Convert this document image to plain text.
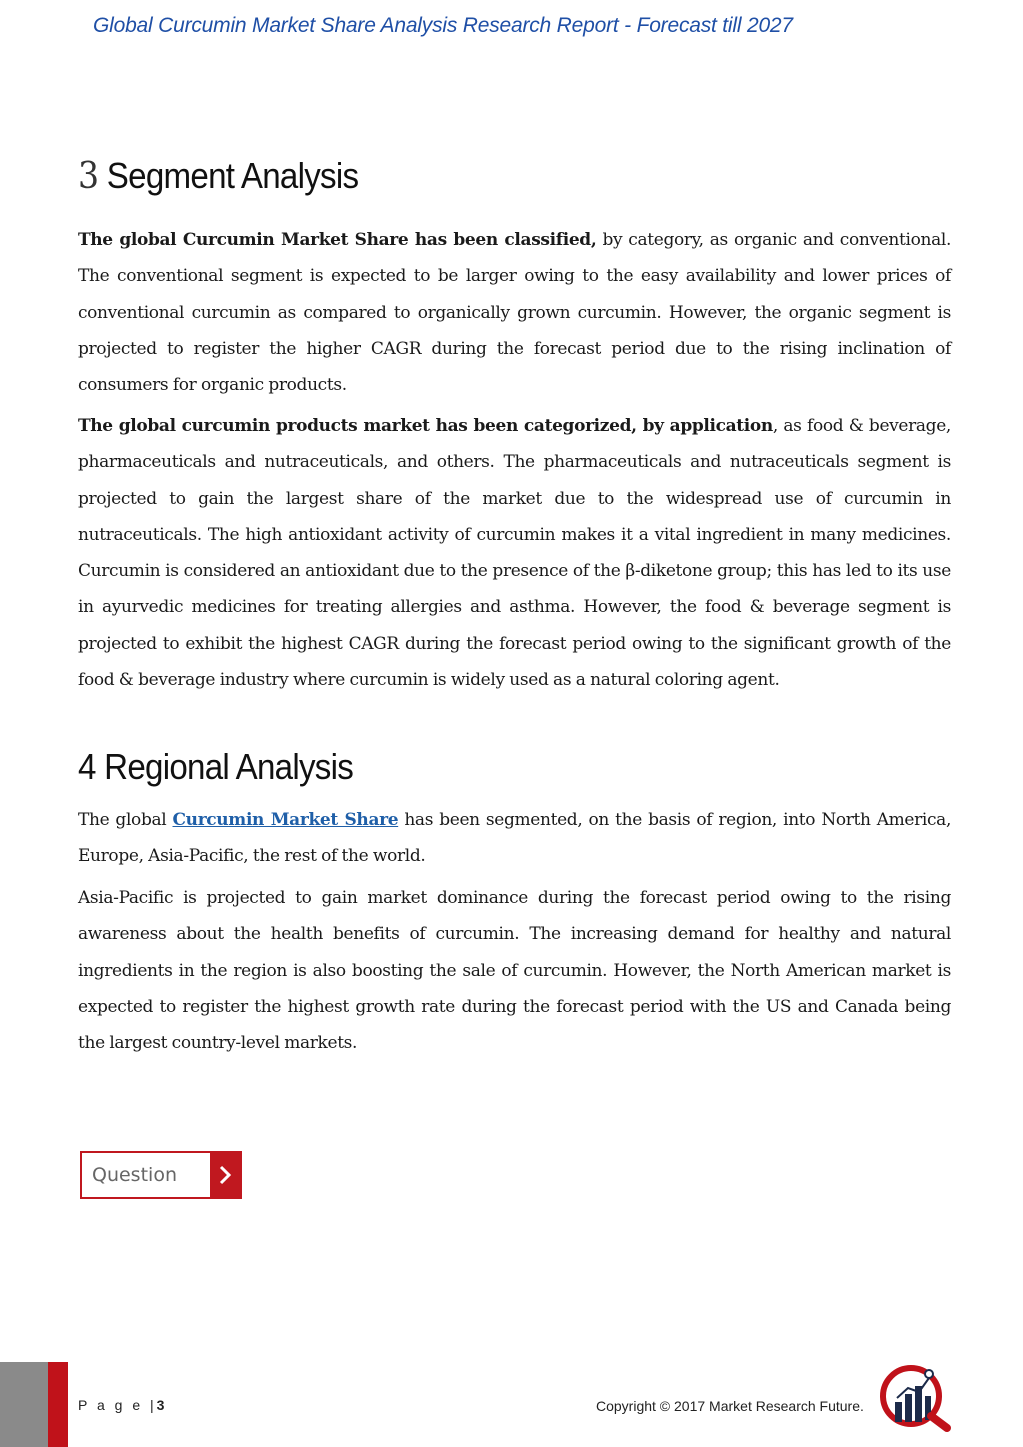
Global Curcumin Market Share Analysis Research Report - Forecast till 2027
3 Segment Analysis

The global Curcumin Market Share has been classified, by category, as organic and conventional. The conventional segment is expected to be larger owing to the easy availability and lower prices of conventional curcumin as compared to organically grown curcumin. However, the organic segment is projected to register the higher CAGR during the forecast period due to the rising inclination of consumers for organic products.

The global curcumin products market has been categorized, by application, as food & beverage, pharmaceuticals and nutraceuticals, and others. The pharmaceuticals and nutraceuticals segment is projected to gain the largest share of the market due to the widespread use of curcumin in nutraceuticals. The high antioxidant activity of curcumin makes it a vital ingredient in many medicines. Curcumin is considered an antioxidant due to the presence of the β-diketone group; this has led to its use in ayurvedic medicines for treating allergies and asthma. However, the food & beverage segment is projected to exhibit the highest CAGR during the forecast period owing to the significant growth of the food & beverage industry where curcumin is widely used as a natural coloring agent.

4 Regional Analysis

The global Curcumin Market Share has been segmented, on the basis of region, into North America, Europe, Asia-Pacific, the rest of the world.

Asia-Pacific is projected to gain market dominance during the forecast period owing to the rising awareness about the health benefits of curcumin. The increasing demand for healthy and natural ingredients in the region is also boosting the sale of curcumin. However, the North American market is expected to register the highest growth rate during the forecast period with the US and Canada being the largest country-level markets.

Question
P a g e |3	Copyright © 2017 Market Research Future.
